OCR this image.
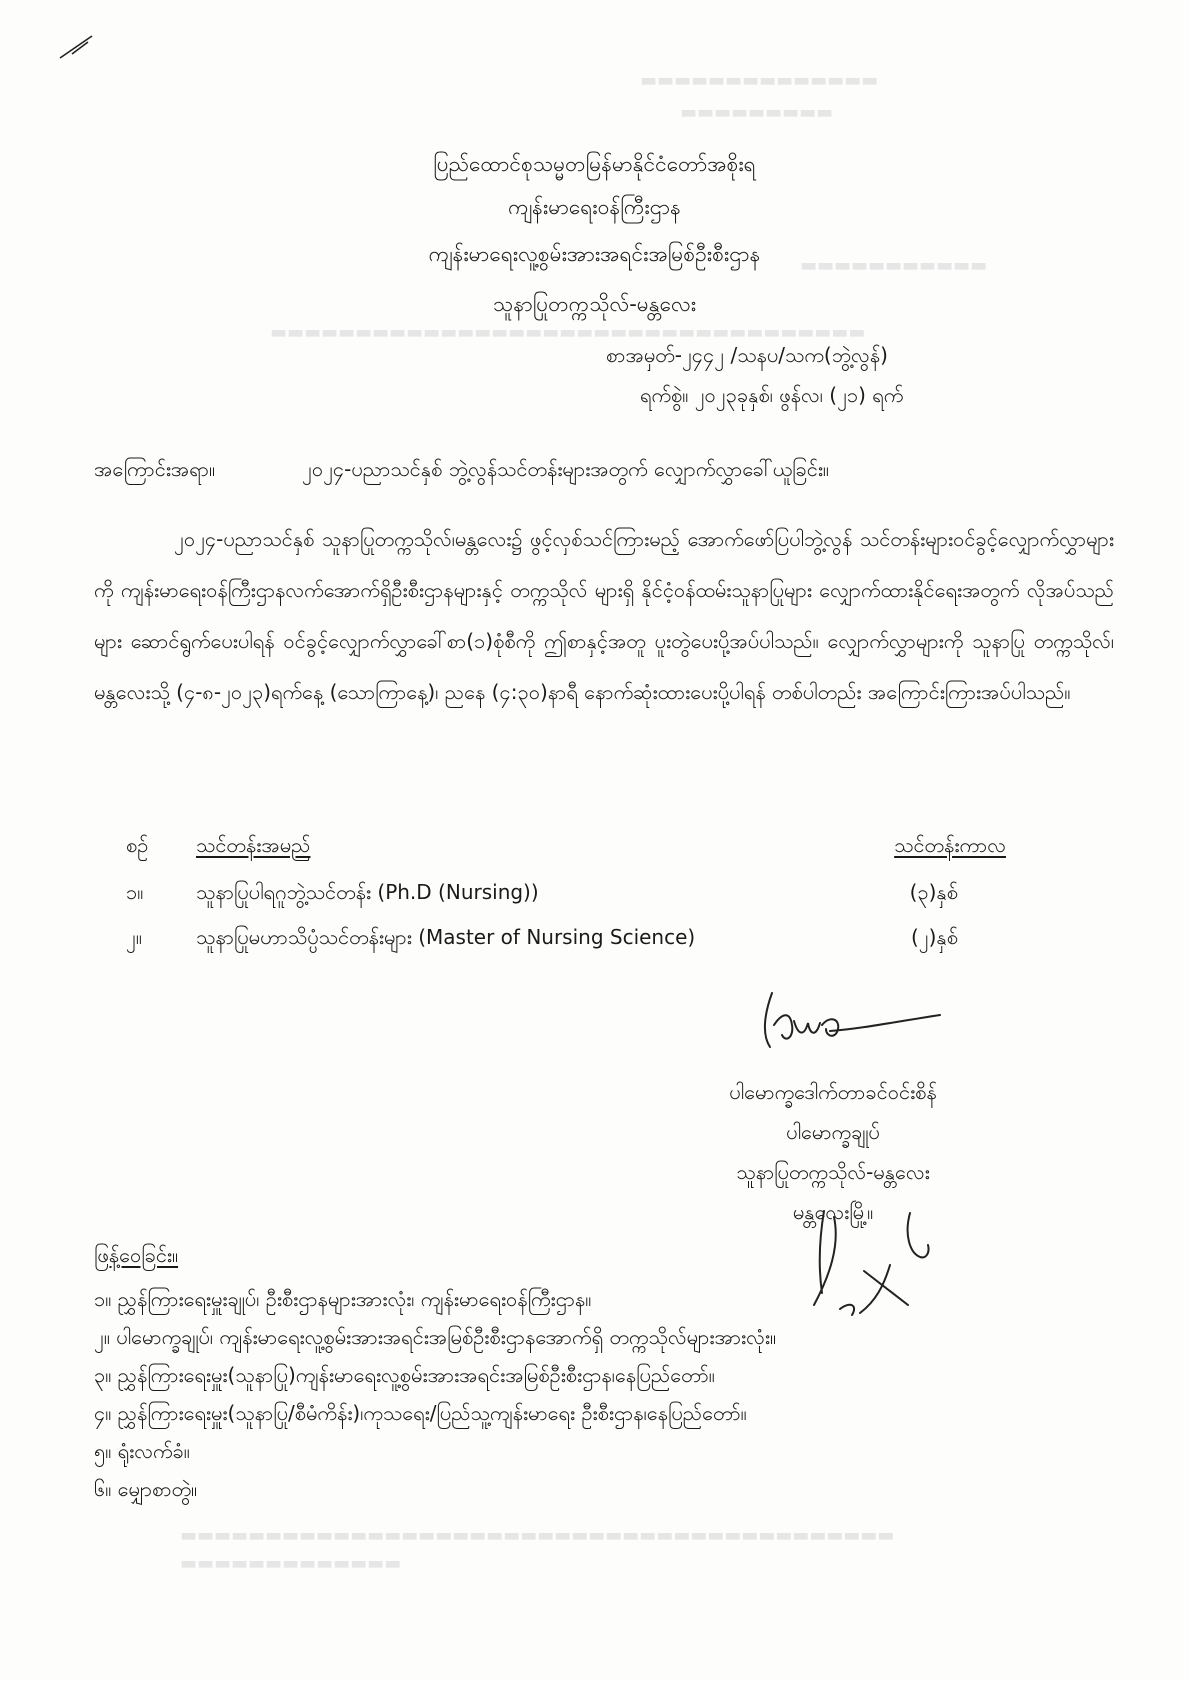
▬▬▬▬▬▬▬▬▬▬▬▬▬▬
▬▬▬▬▬▬▬▬▬
▬▬▬▬▬▬▬▬▬▬▬
▬▬▬▬▬▬▬▬▬▬▬▬▬▬▬▬▬▬▬▬▬▬▬▬▬▬▬▬▬▬▬▬▬▬▬
▬▬▬▬▬▬▬▬▬▬▬▬▬▬▬▬▬▬▬▬▬▬▬▬▬▬▬▬▬▬▬▬▬▬▬▬▬▬▬▬▬▬
▬▬▬▬▬▬▬▬▬▬▬▬▬
ပြည်ထောင်စုသမ္မတမြန်မာနိုင်ငံတော်အစိုးရ
ကျန်းမာရေးဝန်ကြီးဌာန
ကျန်းမာရေးလူ့စွမ်းအားအရင်းအမြစ်ဦးစီးဌာန
သူနာပြုတက္ကသိုလ်-မန္တလေး
စာအမှတ်-၂၄၄၂ /သနပ/သက(ဘွဲ့လွန်)
ရက်စွဲ။ ၂၀၂၃ခုနှစ်၊ ဖွန်လ၊ (၂၁) ရက်
အကြောင်းအရာ။	၂၀၂၄-ပညာသင်နှစ် ဘွဲ့လွန်သင်တန်းများအတွက် လျှောက်လွှာခေါ်ယူခြင်း။
၂၀၂၄-ပညာသင်နှစ် သူနာပြုတက္ကသိုလ်၊မန္တလေး၌ ဖွင့်လှစ်သင်ကြားမည့် အောက်ဖော်ပြပါဘွဲ့လွန် သင်တန်းများဝင်ခွင့်လျှောက်လွှာများကို ကျန်းမာရေးဝန်ကြီးဌာနလက်အောက်ရှိဦးစီးဌာနများနှင့် တက္ကသိုလ် များရှိ နိုင်ငံ့ဝန်ထမ်းသူနာပြုများ လျှောက်ထားနိုင်ရေးအတွက် လိုအပ်သည်များ ဆောင်ရွက်ပေးပါရန် ဝင်ခွင့်လျှောက်လွှာခေါ်စာ(၁)စုံစီကို ဤစာနှင့်အတူ ပူးတွဲပေးပို့အပ်ပါသည်။ လျှောက်လွှာများကို သူနာပြု တက္ကသိုလ်၊ မန္တလေးသို့ (၄-၈-၂၀၂၃)ရက်နေ့ (သောကြာနေ့)၊ ညနေ (၄:၃၀)နာရီ နောက်ဆုံးထားပေးပို့ပါရန် တစ်ပါတည်း အကြောင်းကြားအပ်ပါသည်။
စဉ် သင်တန်းအမည်	သင်တန်းကာလ
၁။	သူနာပြုပါရဂူဘွဲ့သင်တန်း (Ph.D (Nursing))	(၃)နှစ်
၂။	သူနာပြုမဟာသိပ္ပံသင်တန်းများ (Master of Nursing Science)	(၂)နှစ်
ပါမောက္ခဒေါက်တာခင်ဝင်းစိန်
ပါမောက္ခချုပ်
သူနာပြုတက္ကသိုလ်-မန္တလေး
မန္တလေးမြို့။
ဖြန့်ဝေခြင်း။
၁။ ညွှန်ကြားရေးမှူးချုပ်၊ ဦးစီးဌာနများအားလုံး၊ ကျန်းမာရေးဝန်ကြီးဌာန။
၂။ ပါမောက္ခချုပ်၊ ကျန်းမာရေးလူ့စွမ်းအားအရင်းအမြစ်ဦးစီးဌာနအောက်ရှိ တက္ကသိုလ်များအားလုံး။
၃။ ညွှန်ကြားရေးမှူး(သူနာပြု)ကျန်းမာရေးလူ့စွမ်းအားအရင်းအမြစ်ဦးစီးဌာန၊နေပြည်တော်။
၄။ ညွှန်ကြားရေးမှူး(သူနာပြု/စီမံကိန်း)၊ကုသရေး/ပြည်သူ့ကျန်းမာရေး ဦးစီးဌာန၊နေပြည်တော်။
၅။ ရုံးလက်ခံ။
၆။ မျှောစာတွဲ။
